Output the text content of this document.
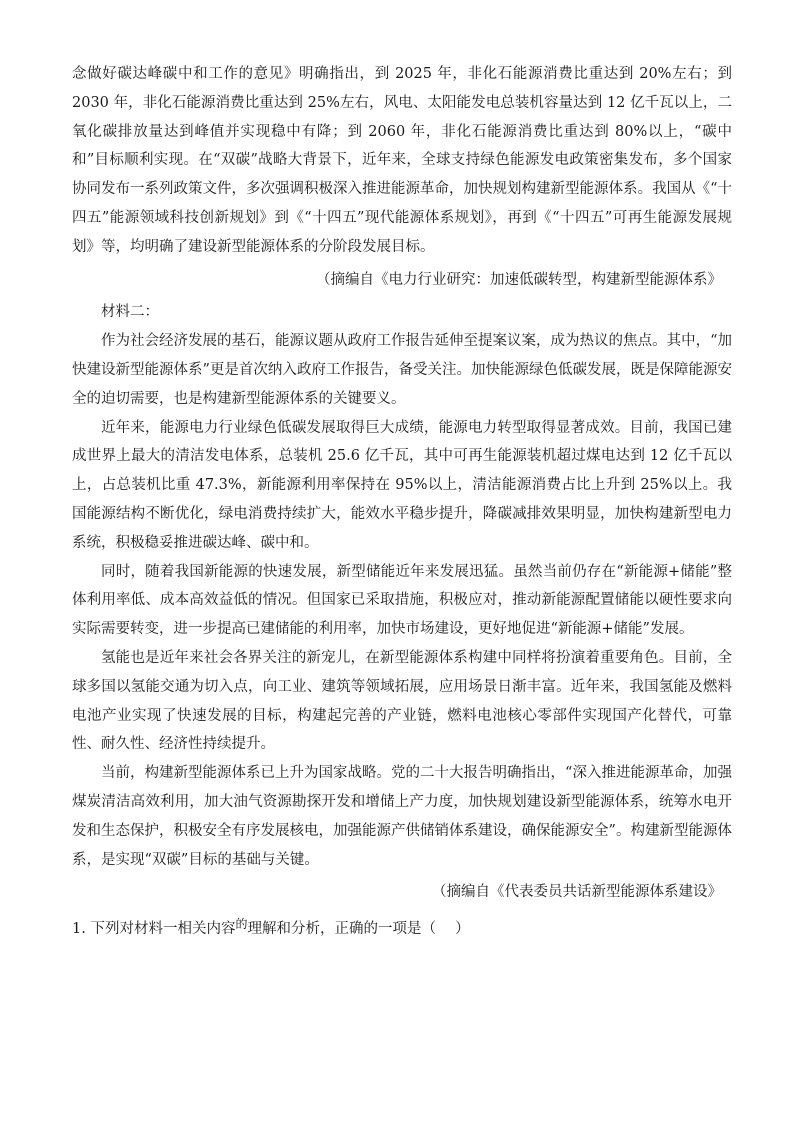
念做好碳达峰碳中和工作的意见》明确指出，到 2025 年，非化石能源消费比重达到 20%左右；到 2030 年，非化石能源消费比重达到 25%左右，风电、太阳能发电总装机容量达到 12 亿千瓦以上，二氧化碳排放量达到峰值并实现稳中有降；到 2060 年，非化石能源消费比重达到 80%以上，“碳中和”目标顺利实现。在“双碳”战略大背景下，近年来，全球支持绿色能源发电政策密集发布，多个国家协同发布一系列政策文件，多次强调积极深入推进能源革命，加快规划构建新型能源体系。我国从《“十四五”能源领域科技创新规划》到《“十四五”现代能源体系规划》，再到《“十四五”可再生能源发展规划》等，均明确了建设新型能源体系的分阶段发展目标。

（摘编自《电力行业研究：加速低碳转型，构建新型能源体系》

材料二：

作为社会经济发展的基石，能源议题从政府工作报告延伸至提案议案，成为热议的焦点。其中，“加快建设新型能源体系”更是首次纳入政府工作报告，备受关注。加快能源绿色低碳发展，既是保障能源安全的迫切需要，也是构建新型能源体系的关键要义。

近年来，能源电力行业绿色低碳发展取得巨大成绩，能源电力转型取得显著成效。目前，我国已建成世界上最大的清洁发电体系，总装机 25.6 亿千瓦，其中可再生能源装机超过煤电达到 12 亿千瓦以上，占总装机比重 47.3%，新能源利用率保持在 95%以上，清洁能源消费占比上升到 25%以上。我国能源结构不断优化，绿电消费持续扩大，能效水平稳步提升，降碳减排效果明显，加快构建新型电力系统，积极稳妥推进碳达峰、碳中和。

同时，随着我国新能源的快速发展，新型储能近年来发展迅猛。虽然当前仍存在“新能源+储能”整体利用率低、成本高效益低的情况。但国家已采取措施，积极应对，推动新能源配置储能以硬性要求向实际需要转变，进一步提高已建储能的利用率，加快市场建设，更好地促进“新能源+储能”发展。

氢能也是近年来社会各界关注的新宠儿，在新型能源体系构建中同样将扮演着重要角色。目前，全球多国以氢能交通为切入点，向工业、建筑等领域拓展，应用场景日渐丰富。近年来，我国氢能及燃料电池产业实现了快速发展的目标，构建起完善的产业链，燃料电池核心零部件实现国产化替代，可靠性、耐久性、经济性持续提升。

当前，构建新型能源体系已上升为国家战略。党的二十大报告明确指出，“深入推进能源革命，加强煤炭清洁高效利用，加大油气资源勘探开发和增储上产力度，加快规划建设新型能源体系，统筹水电开发和生态保护，积极安全有序发展核电，加强能源产供储销体系建设，确保能源安全”。构建新型能源体系，是实现“双碳”目标的基础与关键。

（摘编自《代表委员共话新型能源体系建设》

1. 下列对材料一相关内容$^的$理解和分析，正确的一项是（　 ）
